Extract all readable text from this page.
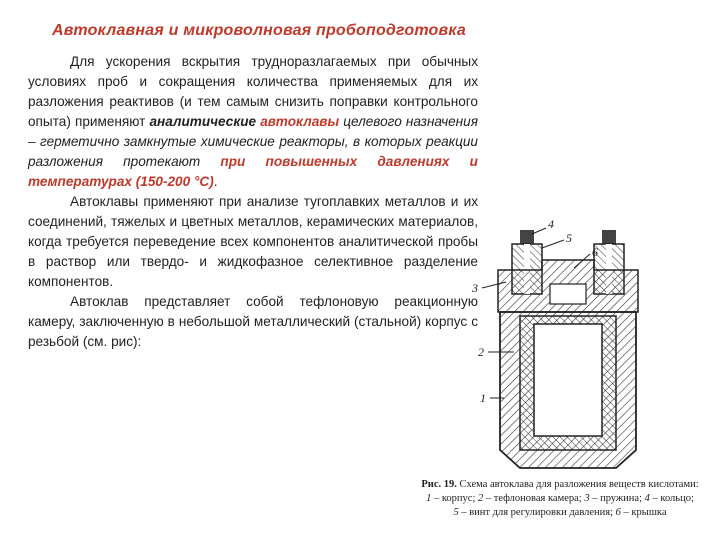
Автоклавная и микроволновая пробоподготовка

Для ускорения вскрытия трудноразлагаемых при обычных условиях проб и сокращения количества применяемых для их разложения реактивов (и тем самым снизить поправки контрольного опыта) применяют аналитические автоклавы целевого назначения – герметично замкнутые химические реакторы, в которых реакции разложения протекают при повышенных давлениях и температурах (150-200 °C).

Автоклавы применяют при анализе тугоплавких металлов и их соединений, тяжелых и цветных металлов, керамических материалов, когда требуется переведение всех компонентов аналитической пробы в раствор или твердо- и жидкофазное селективное разделение компонентов.

Автоклав представляет собой тефлоновую реакционную камеру, заключенную в небольшой металлический (стальной) корпус с резьбой (см. рис):

4
5
6
3
2
1
Рис. 19. Схема автоклава для разложения веществ кислотами:
1 – корпус; 2 – тефлоновая камера; 3 – пружина; 4 – кольцо;
5 – винт для регулировки давления; 6 – крышка
